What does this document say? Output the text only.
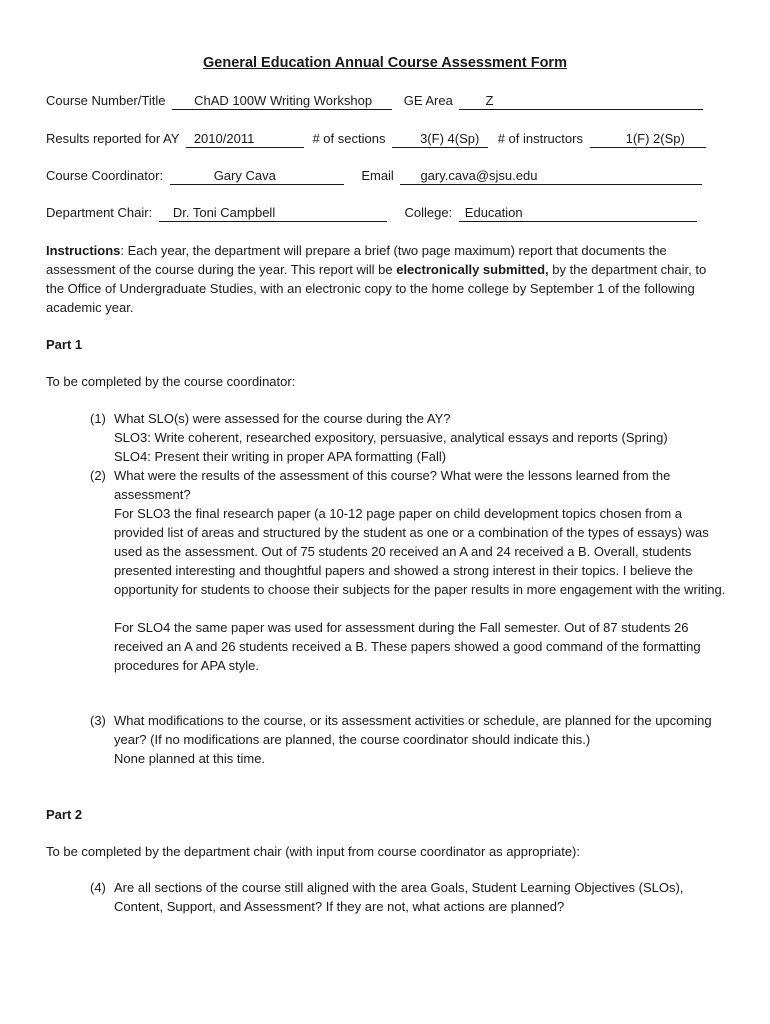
General Education Annual Course Assessment Form
Course Number/Title ChAD 100W Writing Workshop GE Area	Z
Results reported for AY 2010/2011	# of sections	3(F) 4(Sp) # of instructors	1(F) 2(Sp)
Course Coordinator:	Gary Cava	Email gary.cava@sjsu.edu
Department Chair: Dr. Toni Campbell	College: Education
Instructions: Each year, the department will prepare a brief (two page maximum) report that documents the assessment of the course during the year. This report will be electronically submitted, by the department chair, to the Office of Undergraduate Studies, with an electronic copy to the home college by September 1 of the following academic year.
Part 1
To be completed by the course coordinator:
(1) What SLO(s) were assessed for the course during the AY?

SLO3: Write coherent, researched expository, persuasive, analytical essays and reports (Spring)

SLO4: Present their writing in proper APA formatting (Fall)

(2) What were the results of the assessment of this course? What were the lessons learned from the assessment?

For SLO3 the final research paper (a 10-12 page paper on child development topics chosen from a provided list of areas and structured by the student as one or a combination of the types of essays) was used as the assessment. Out of 75 students 20 received an A and 24 received a B. Overall, students presented interesting and thoughtful papers and showed a strong interest in their topics. I believe the opportunity for students to choose their subjects for the paper results in more engagement with the writing.

For SLO4 the same paper was used for assessment during the Fall semester. Out of 87 students 26 received an A and 26 students received a B. These papers showed a good command of the formatting procedures for APA style.

(3) What modifications to the course, or its assessment activities or schedule, are planned for the upcoming year? (If no modifications are planned, the course coordinator should indicate this.)

None planned at this time.

Part 2
To be completed by the department chair (with input from course coordinator as appropriate):
(4) Are all sections of the course still aligned with the area Goals, Student Learning Objectives (SLOs), Content, Support, and Assessment? If they are not, what actions are planned?
